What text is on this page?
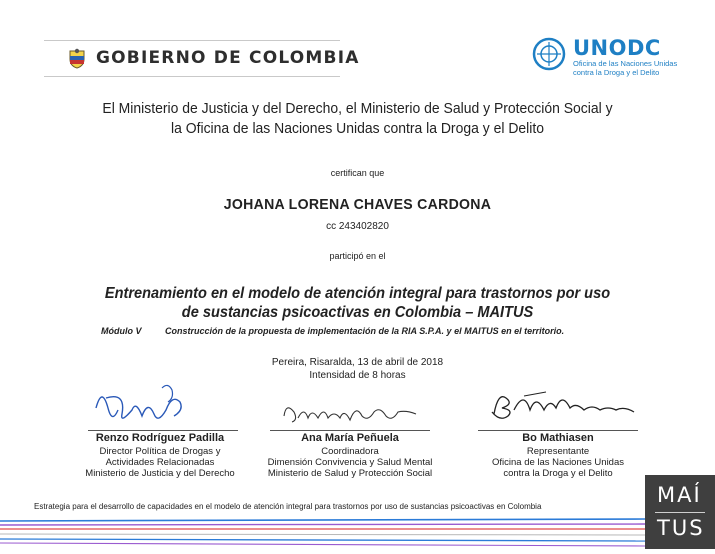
GOBIERNO DE COLOMBIA	UNODC
Oficina de las Naciones Unidas
contra la Droga y el Delito
El Ministerio de Justicia y del Derecho, el Ministerio de Salud y Protección Social y
la Oficina de las Naciones Unidas contra la Droga y el Delito
certifican que
JOHANA LORENA CHAVES CARDONA
cc 243402820
participó en el
Entrenamiento en el modelo de atención integral para trastornos por uso
de sustancias psicoactivas en Colombia – MAITUS
Módulo V	Construcción de la propuesta de implementación de la RIA S.P.A. y el MAITUS en el territorio.
Pereira, Risaralda, 13 de abril de 2018
Intensidad de 8 horas
Renzo Rodríguez Padilla
Director Política de Drogas y
Actividades Relacionadas
Ministerio de Justicia y del Derecho
Ana María Peñuela
Coordinadora
Dimensión Convivencia y Salud Mental
Ministerio de Salud y Protección Social
Bo Mathiasen
Representante
Oficina de las Naciones Unidas
contra la Droga y el Delito
Estrategia para el desarrollo de capacidades en el modelo de atención integral para trastornos por uso de sustancias psicoactivas en Colombia	MAÍ
TUS
